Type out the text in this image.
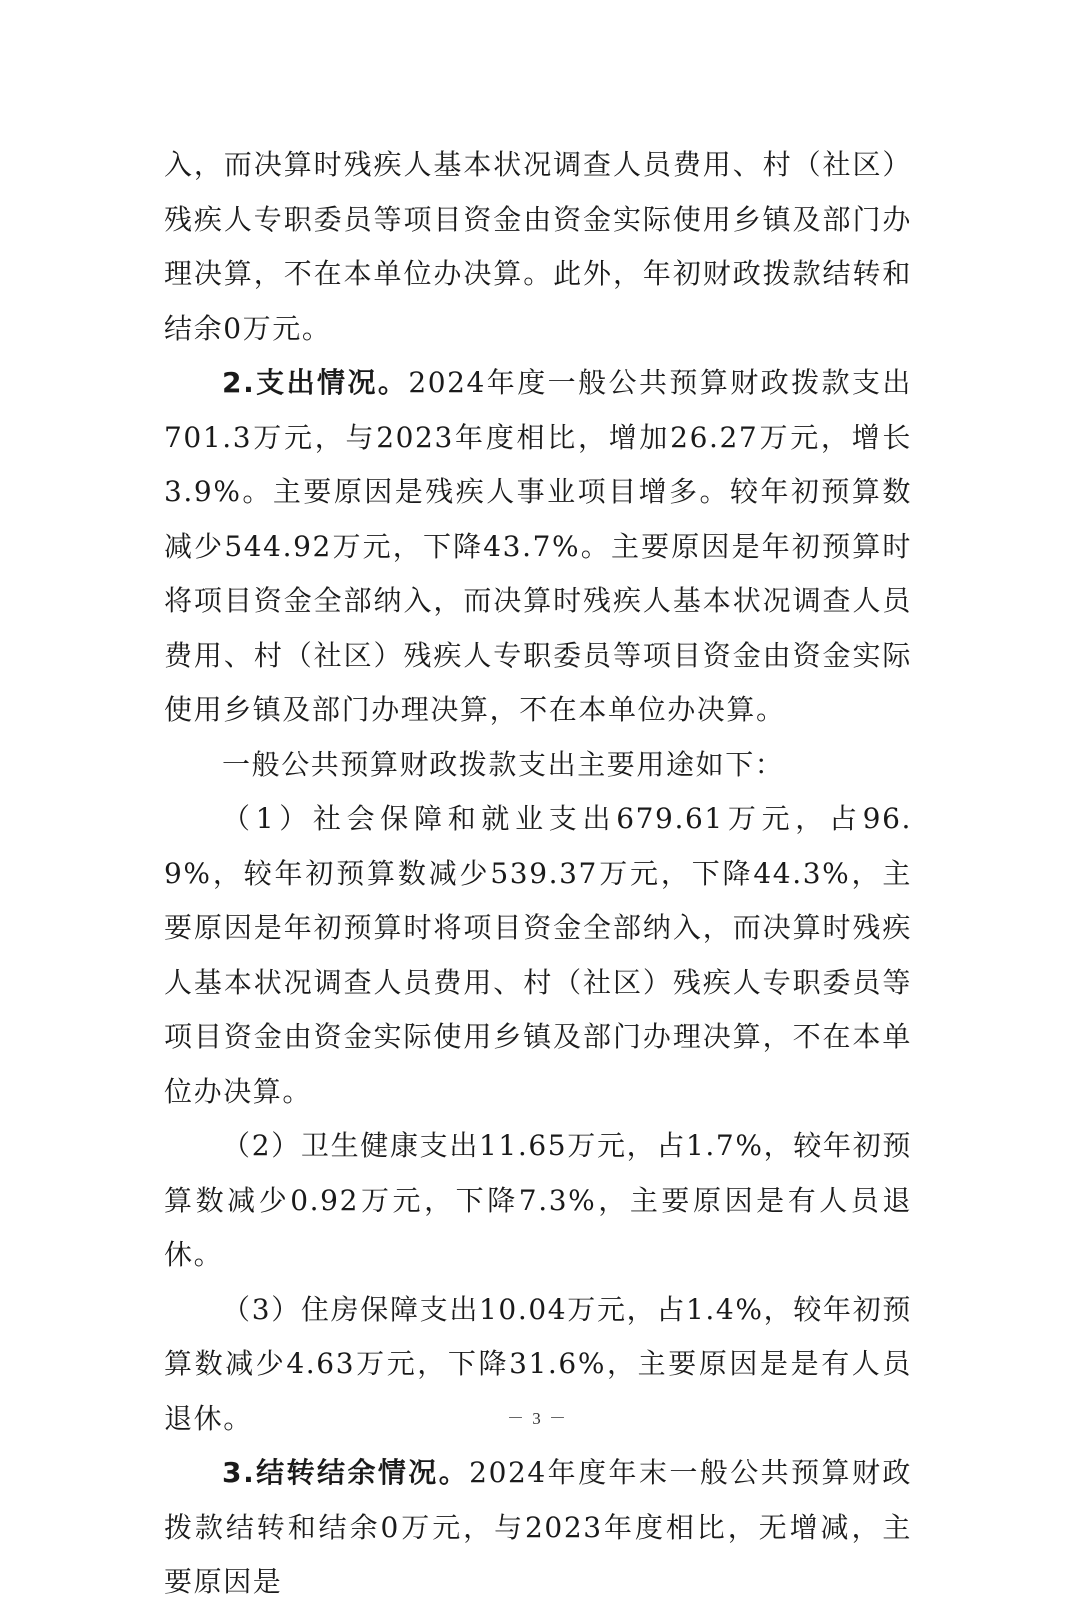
入，而决算时残疾人基本状况调查人员费用、村（社区）残疾人专职委员等项目资金由资金实际使用乡镇及部门办理决算，不在本单位办决算。此外，年初财政拨款结转和结余0万元。

2.支出情况。2024年度一般公共预算财政拨款支出701.3万元，与2023年度相比，增加26.27万元，增长3.9%。主要原因是残疾人事业项目增多。较年初预算数减少544.92万元，下降43.7%。主要原因是年初预算时将项目资金全部纳入，而决算时残疾人基本状况调查人员费用、村（社区）残疾人专职委员等项目资金由资金实际使用乡镇及部门办理决算，不在本单位办决算。

一般公共预算财政拨款支出主要用途如下：

（1）社会保障和就业支出679.61万元，占96.9%，较年初预算数减少539.37万元，下降44.3%，主要原因是年初预算时将项目资金全部纳入，而决算时残疾人基本状况调查人员费用、村（社区）残疾人专职委员等项目资金由资金实际使用乡镇及部门办理决算，不在本单位办决算。

（2）卫生健康支出11.65万元，占1.7%，较年初预算数减少0.92万元，下降7.3%，主要原因是有人员退休。

（3）住房保障支出10.04万元，占1.4%，较年初预算数减少4.63万元，下降31.6%，主要原因是是有人员退休。

3.结转结余情况。2024年度年末一般公共预算财政拨款结转和结余0万元，与2023年度相比，无增减，主要原因是

－ 3 －
